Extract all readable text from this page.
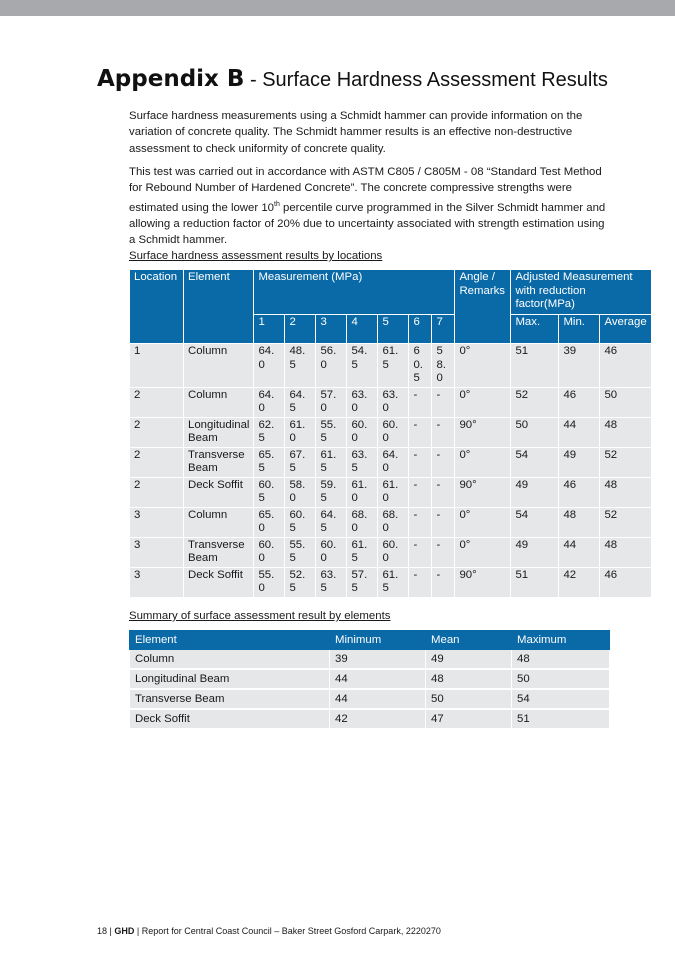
Appendix B - Surface Hardness Assessment Results
Surface hardness measurements using a Schmidt hammer can provide information on the variation of concrete quality. The Schmidt hammer results is an effective non-destructive assessment to check uniformity of concrete quality.
This test was carried out in accordance with ASTM C805 / C805M - 08 “Standard Test Method for Rebound Number of Hardened Concrete”. The concrete compressive strengths were estimated using the lower 10th percentile curve programmed in the Silver Schmidt hammer and allowing a reduction factor of 20% due to uncertainty associated with strength estimation using a Schmidt hammer.
Surface hardness assessment results by locations
Location	Element	Measurement (MPa)							Angle / Remarks	Adjusted Measurement with reduction factor(MPa)		
		1	2	3	4	5	6	7		Max.	Min.	Average
1	Column	64.0	48.5	56.0	54.5	61.5	60.5	58.0	0°	51	39	46
2	Column	64.0	64.5	57.0	63.0	63.0	-	-	0°	52	46	50
2	Longitudinal Beam	62.5	61.0	55.5	60.0	60.0	-	-	90°	50	44	48
2	Transverse Beam	65.5	67.5	61.5	63.5	64.0	-	-	0°	54	49	52
2	Deck Soffit	60.5	58.0	59.5	61.0	61.0	-	-	90°	49	46	48
3	Column	65.0	60.5	64.5	68.0	68.0	-	-	0°	54	48	52
3	Transverse Beam	60.0	55.5	60.0	61.5	60.0	-	-	0°	49	44	48
3	Deck Soffit	55.0	52.5	63.5	57.5	61.5	-	-	90°	51	42	46
Summary of surface assessment result by elements
Element	Minimum	Mean	Maximum
Column	39	49	48
Longitudinal Beam	44	48	50
Transverse Beam	44	50	54
Deck Soffit	42	47	51
18 | GHD | Report for Central Coast Council – Baker Street Gosford Carpark, 2220270
